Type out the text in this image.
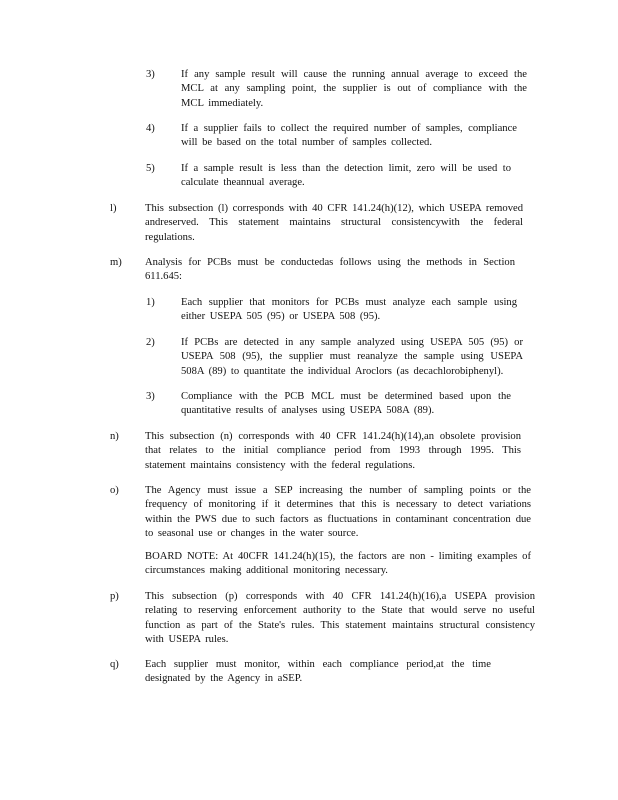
3) If any sample result will cause the running annual average to exceed the MCL at any sampling point, the supplier is out of compliance with the MCL immediately.
4) If a supplier fails to collect the required number of samples, compliance will be based on the total number of samples collected.
5) If a sample result is less than the detection limit, zero will be used to calculate theannual average.
l)	This subsection (l) corresponds with 40 CFR 141.24(h)(12), which USEPA removed andreserved. This statement maintains structural consistencywith the federal regulations.
m) Analysis for PCBs must be conductedas follows using the methods in Section 611.645:
1) Each supplier that monitors for PCBs must analyze each sample using either USEPA 505 (95) or USEPA 508 (95).
2) If PCBs are detected in any sample analyzed using USEPA 505 (95) or USEPA 508 (95), the supplier must reanalyze the sample using USEPA 508A (89) to quantitate the individual Aroclors (as decachlorobiphenyl).
3) Compliance with the PCB MCL must be determined based upon the quantitative results of analyses using USEPA 508A (89).
n) This subsection (n) corresponds with 40 CFR 141.24(h)(14),an obsolete provision that relates to the initial compliance period from 1993 through 1995. This statement maintains consistency with the federal regulations.
o) The Agency must issue a SEP increasing the number of sampling points or the frequency of monitoring if it determines that this is necessary to detect variations within the PWS due to such factors as fluctuations in contaminant concentration due to seasonal use or changes in the water source.
BOARD NOTE: At 40CFR 141.24(h)(15), the factors are non - limiting examples of circumstances making additional monitoring necessary.
p) This subsection (p) corresponds with 40 CFR 141.24(h)(16),a USEPA provision relating to reserving enforcement authority to the State that would serve no useful function as part of the State's rules. This statement maintains structural consistency with USEPA rules.
q) Each supplier must monitor, within each compliance period,at the time designated by the Agency in aSEP.
